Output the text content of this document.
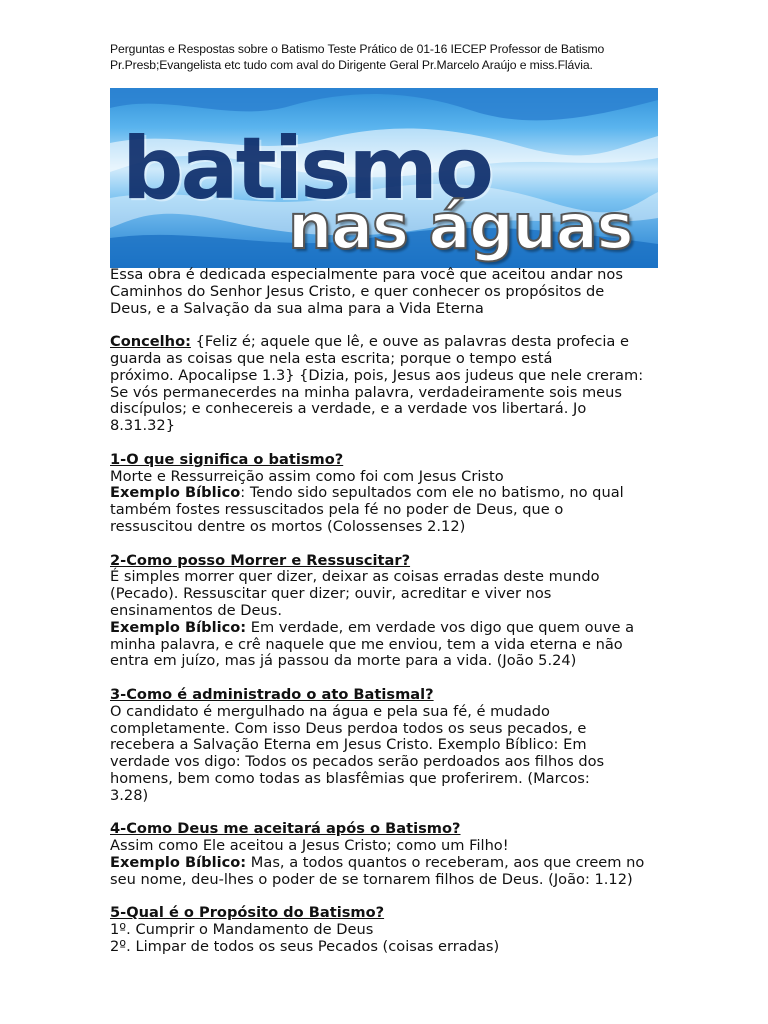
Perguntas e Respostas sobre o Batismo Teste Prático de 01-16 IECEP Professor de Batismo
Pr.Presb;Evangelista etc tudo com aval do Dirigente Geral Pr.Marcelo Araújo e miss.Flávia.
batismo
nas águas

Essa obra é dedicada especialmente para você que aceitou andar nos

Caminhos do Senhor Jesus Cristo, e quer conhecer os propósitos de

Deus, e a Salvação da sua alma para a Vida Eterna

Concelho: {Feliz é; aquele que lê, e ouve as palavras desta profecia e

guarda as coisas que nela esta escrita; porque o tempo está

próximo. Apocalipse 1.3} {Dizia, pois, Jesus aos judeus que nele creram:

Se vós permanecerdes na minha palavra, verdadeiramente sois meus

discípulos; e conhecereis a verdade, e a verdade vos libertará. Jo

8.31.32}

1-O que significa o batismo?

Morte e Ressurreição assim como foi com Jesus Cristo

Exemplo Bíblico: Tendo sido sepultados com ele no batismo, no qual

também fostes ressuscitados pela fé no poder de Deus, que o

ressuscitou dentre os mortos (Colossenses 2.12)

2-Como posso Morrer e Ressuscitar?

É simples morrer quer dizer, deixar as coisas erradas deste mundo

(Pecado). Ressuscitar quer dizer; ouvir, acreditar e viver nos

ensinamentos de Deus.

Exemplo Bíblico: Em verdade, em verdade vos digo que quem ouve a

minha palavra, e crê naquele que me enviou, tem a vida eterna e não

entra em juízo, mas já passou da morte para a vida. (João 5.24)

3-Como é administrado o ato Batismal?

O candidato é mergulhado na água e pela sua fé, é mudado

completamente. Com isso Deus perdoa todos os seus pecados, e

recebera a Salvação Eterna em Jesus Cristo. Exemplo Bíblico: Em

verdade vos digo: Todos os pecados serão perdoados aos filhos dos

homens, bem como todas as blasfêmias que proferirem. (Marcos:

3.28)

4-Como Deus me aceitará após o Batismo?

Assim como Ele aceitou a Jesus Cristo; como um Filho!

Exemplo Bíblico: Mas, a todos quantos o receberam, aos que creem no

seu nome, deu-lhes o poder de se tornarem filhos de Deus. (João: 1.12)

5-Qual é o Propósito do Batismo?

1º. Cumprir o Mandamento de Deus

2º. Limpar de todos os seus Pecados (coisas erradas)
